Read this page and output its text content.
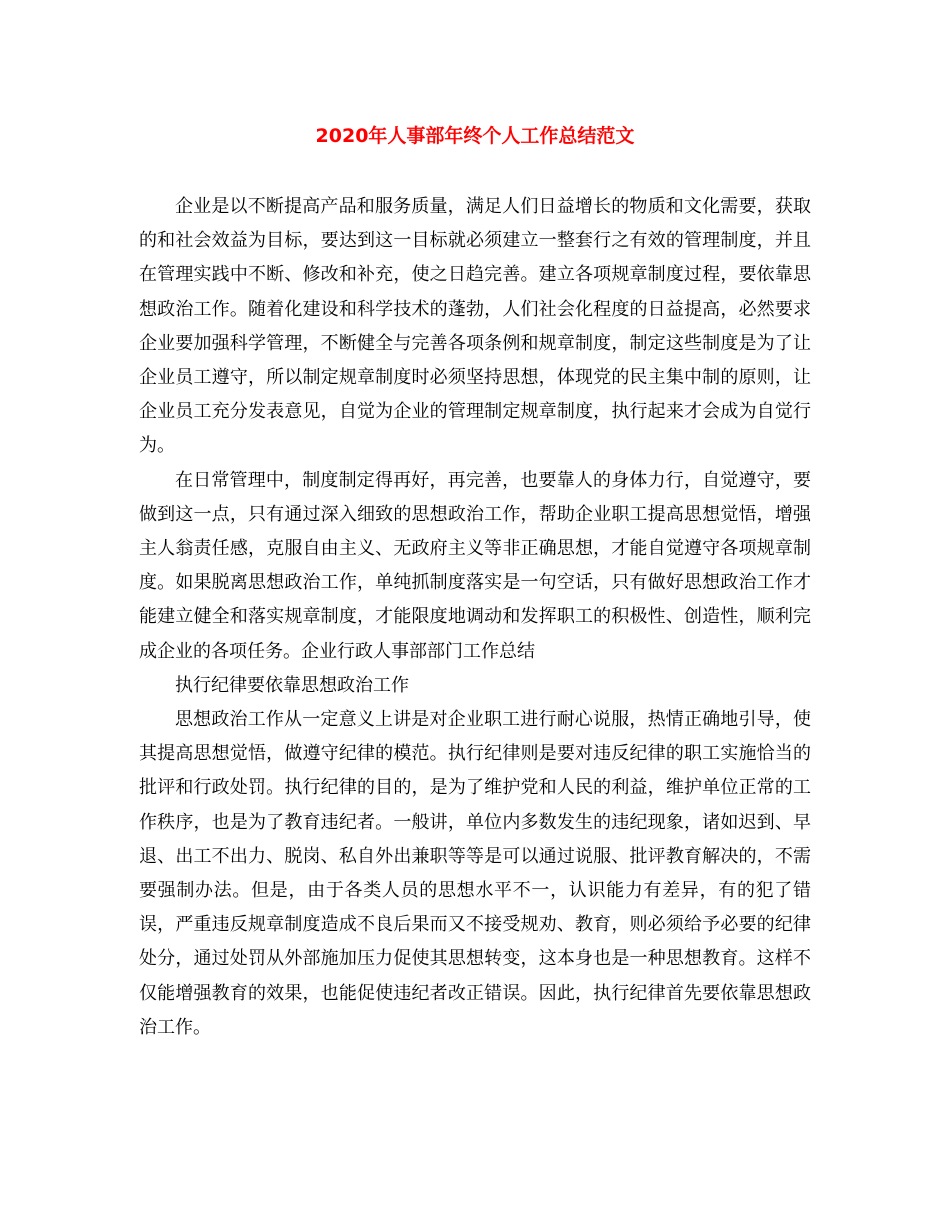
2020年人事部年终个人工作总结范文

企业是以不断提高产品和服务质量，满足人们日益增长的物质和文化需要，获取的和社会效益为目标，要达到这一目标就必须建立一整套行之有效的管理制度，并且在管理实践中不断、修改和补充，使之日趋完善。建立各项规章制度过程，要依靠思想政治工作。随着化建设和科学技术的蓬勃，人们社会化程度的日益提高，必然要求企业要加强科学管理，不断健全与完善各项条例和规章制度，制定这些制度是为了让企业员工遵守，所以制定规章制度时必须坚持思想，体现党的民主集中制的原则，让企业员工充分发表意见，自觉为企业的管理制定规章制度，执行起来才会成为自觉行为。

在日常管理中，制度制定得再好，再完善，也要靠人的身体力行，自觉遵守，要做到这一点，只有通过深入细致的思想政治工作，帮助企业职工提高思想觉悟，增强主人翁责任感，克服自由主义、无政府主义等非正确思想，才能自觉遵守各项规章制度。如果脱离思想政治工作，单纯抓制度落实是一句空话，只有做好思想政治工作才能建立健全和落实规章制度，才能限度地调动和发挥职工的积极性、创造性，顺利完成企业的各项任务。企业行政人事部部门工作总结

执行纪律要依靠思想政治工作

思想政治工作从一定意义上讲是对企业职工进行耐心说服，热情正确地引导，使其提高思想觉悟，做遵守纪律的模范。执行纪律则是要对违反纪律的职工实施恰当的批评和行政处罚。执行纪律的目的，是为了维护党和人民的利益，维护单位正常的工作秩序，也是为了教育违纪者。一般讲，单位内多数发生的违纪现象，诸如迟到、早退、出工不出力、脱岗、私自外出兼职等等是可以通过说服、批评教育解决的，不需要强制办法。但是，由于各类人员的思想水平不一，认识能力有差异，有的犯了错误，严重违反规章制度造成不良后果而又不接受规劝、教育，则必须给予必要的纪律处分，通过处罚从外部施加压力促使其思想转变，这本身也是一种思想教育。这样不仅能增强教育的效果，也能促使违纪者改正错误。因此，执行纪律首先要依靠思想政治工作。
